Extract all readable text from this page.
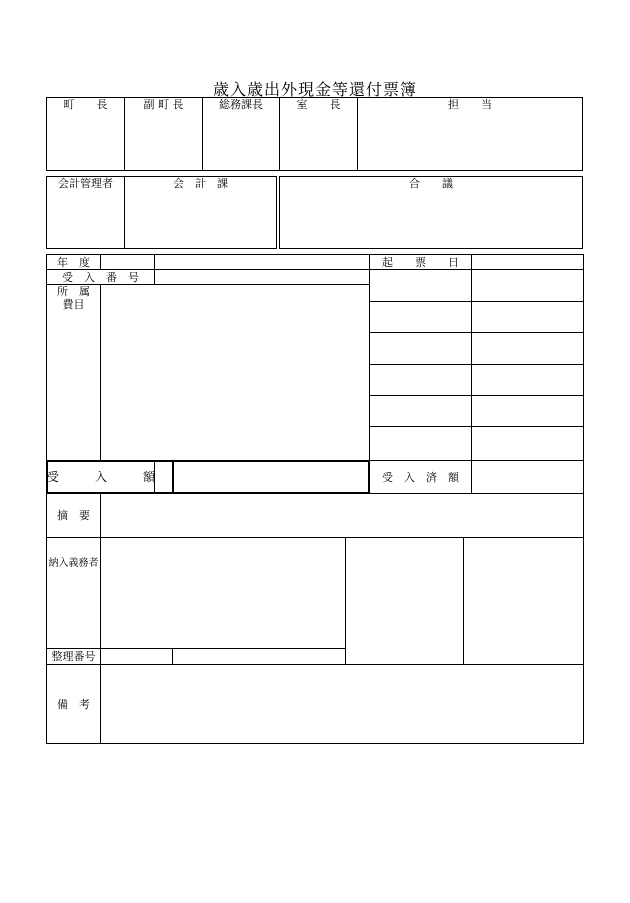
歳入歳出外現金等還付票簿
町　　長	副 町 長	総務課長	室　　長	担　　当
会計管理者	会　計　課	合　　議
年　度			起　　票　　日	
受　入　番　号				

所　属
費目				

受　　　入　　　額			受　入　済　額	
摘　要				
納入義務者				
整理番号				
備　考				
